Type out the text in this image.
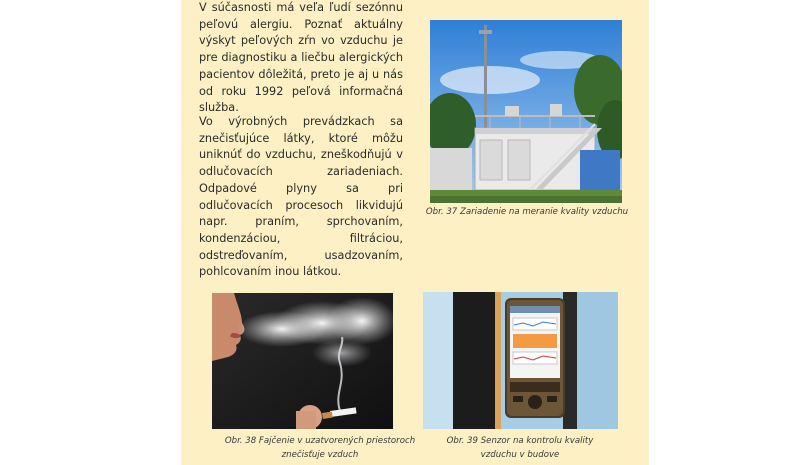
V súčasnosti má veľa ľudí sezónnu peľovú alergiu. Poznať aktuálny výskyt peľových zŕn vo vzduchu je pre diagnostiku a liečbu alergických pacientov dôležitá, preto je aj u nás od roku 1992 peľová informačná služba.

Vo výrobných prevádzkach sa znečisťujúce látky, ktoré môžu uniknúť do vzduchu, zneškodňujú v odlučovacích zariadeniach. Odpadové plyny sa pri odlučovacích procesoch likvidujú napr. praním, sprchovaním, kondenzáciou, filtráciou, odstreďovaním, usadzovaním, pohlcovaním inou látkou.

Obr. 37 Zariadenie na meranie kvality vzduchu

Obr. 38 Fajčenie v uzatvorených priestoroch
znečisťuje vzduch

Obr. 39 Senzor na kontrolu kvality
vzduchu v budove
